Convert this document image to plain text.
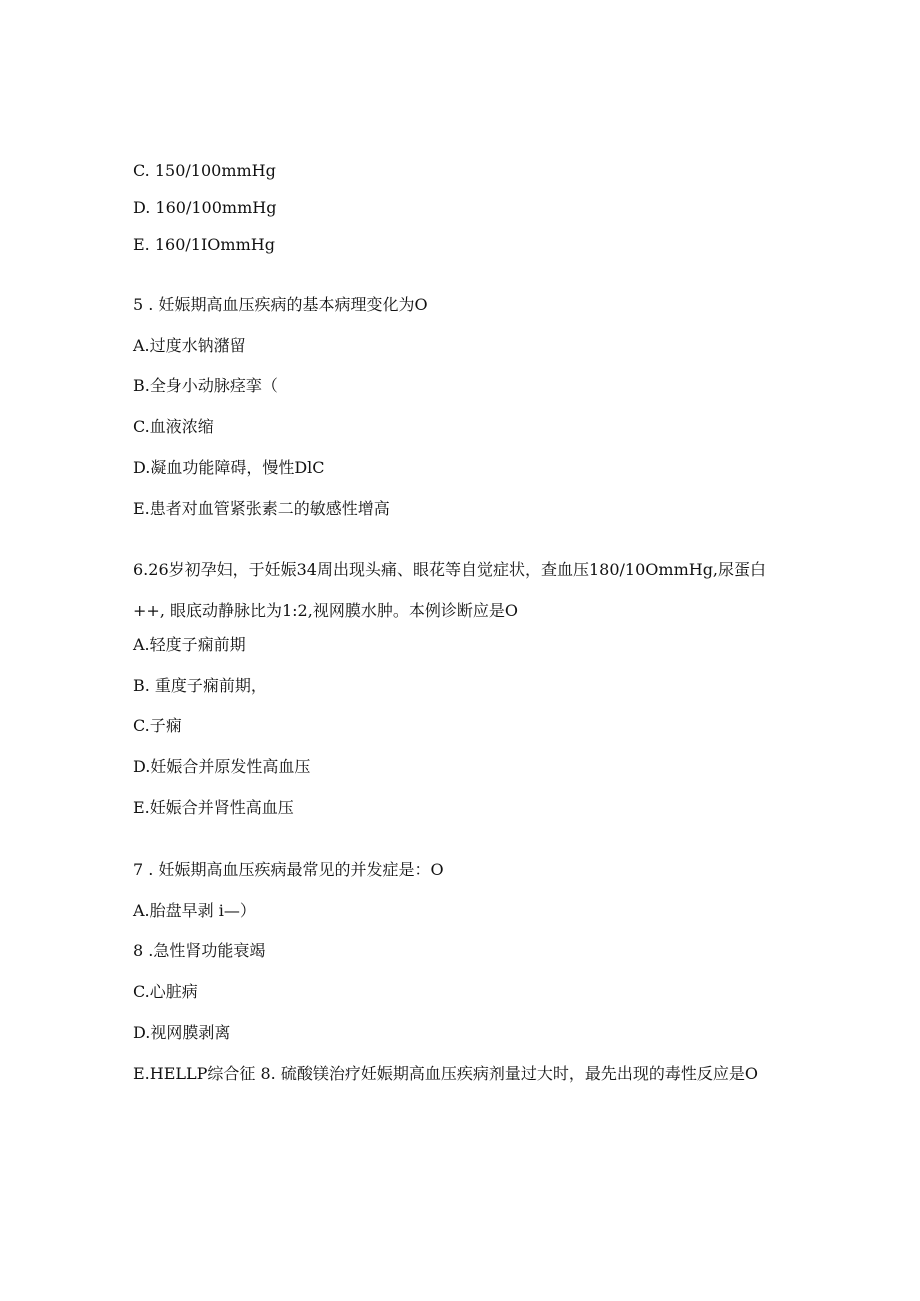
C. 150/100mmHg
D. 160/100mmHg
E. 160/1IOmmHg
5 . 妊娠期高血压疾病的基本病理变化为O
A.过度水钠潴留
B.全身小动脉痉挛（
C.血液浓缩
D.凝血功能障碍，慢性DlC
E.患者对血管紧张素二的敏感性增高
6.26岁初孕妇，于妊娠34周出现头痛、眼花等自觉症状，查血压180/10OmmHg,尿蛋白++, 眼底动静脉比为1:2,视网膜水肿。本例诊断应是O
A.轻度子痫前期
B. 重度子痫前期，
C.子痫
D.妊娠合并原发性高血压
E.妊娠合并肾性高血压
7 . 妊娠期高血压疾病最常见的并发症是：O
A.胎盘早剥 i—）
8 .急性肾功能衰竭
C.心脏病
D.视网膜剥离
E.HELLP综合征 8. 硫酸镁治疗妊娠期高血压疾病剂量过大时，最先出现的毒性反应是O
